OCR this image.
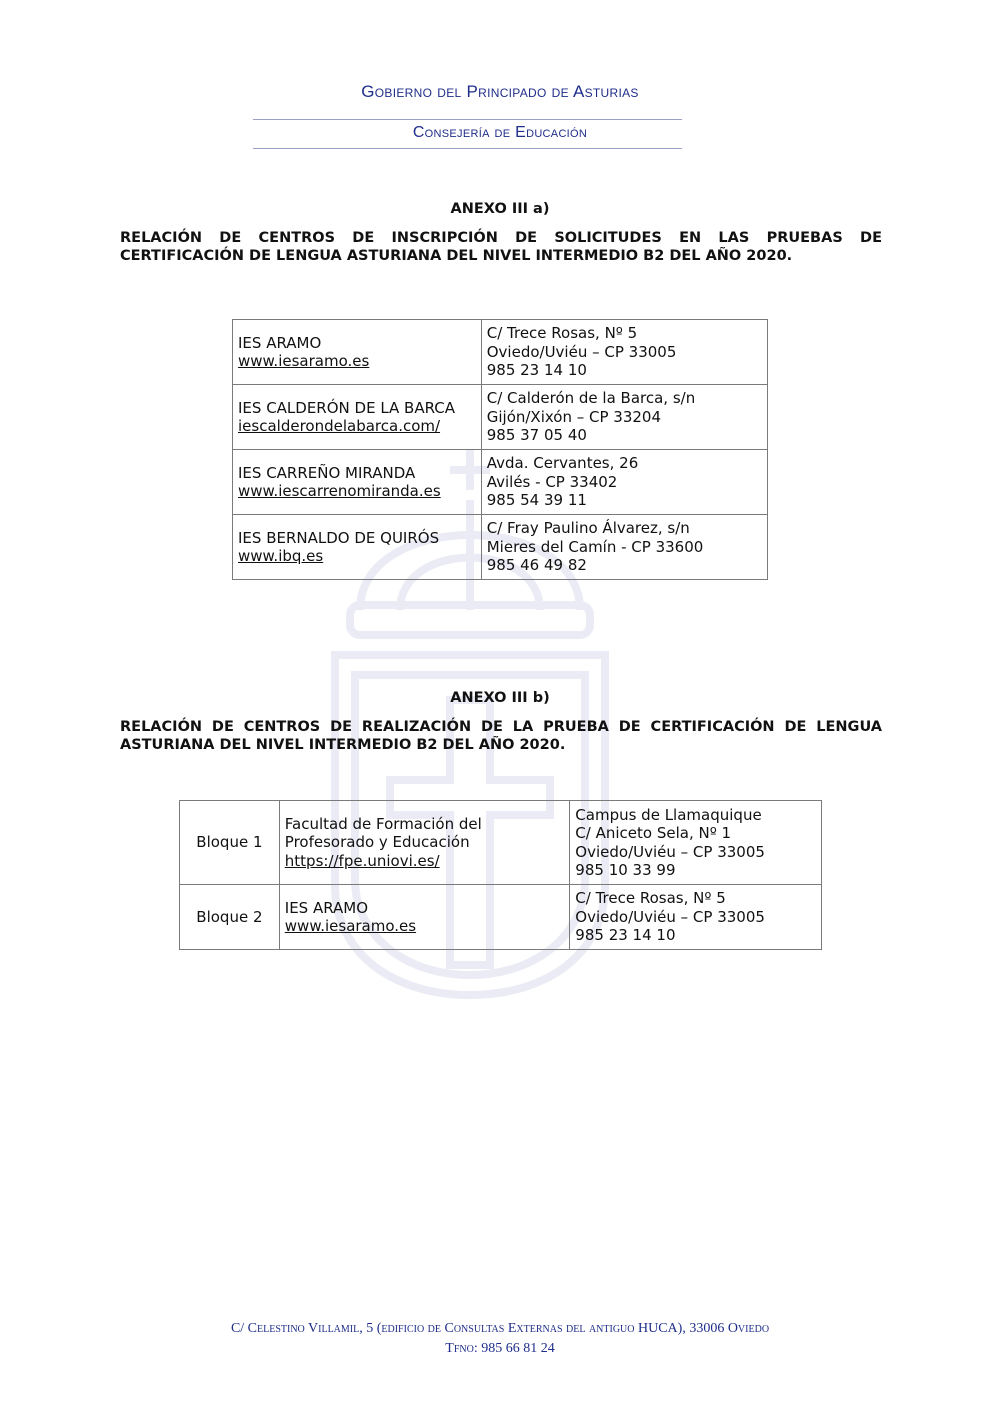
Gobierno del Principado de Asturias
Consejería de Educación
ANEXO III a)
RELACIÓN DE CENTROS DE INSCRIPCIÓN DE SOLICITUDES EN LAS PRUEBAS DE CERTIFICACIÓN DE LENGUA ASTURIANA DEL NIVEL INTERMEDIO B2 DEL AÑO 2020.
IES ARAMO
www.iesaramo.es	C/ Trece Rosas, Nº 5
Oviedo/Uviéu – CP 33005
985 23 14 10

IES CALDERÓN DE LA BARCA
iescalderondelabarca.com/	C/ Calderón de la Barca, s/n
Gijón/Xixón – CP 33204
985 37 05 40

IES CARREÑO MIRANDA
www.iescarrenomiranda.es	Avda. Cervantes, 26
Avilés - CP 33402
985 54 39 11

IES BERNALDO DE QUIRÓS
www.ibq.es	C/ Fray Paulino Álvarez, s/n
Mieres del Camín - CP 33600
985 46 49 82
ANEXO III b)
RELACIÓN DE CENTROS DE REALIZACIÓN DE LA PRUEBA DE CERTIFICACIÓN DE LENGUA ASTURIANA DEL NIVEL INTERMEDIO B2 DEL AÑO 2020.
Bloque 1	Facultad de Formación del
Profesorado y Educación
https://fpe.uniovi.es/	Campus de Llamaquique
C/ Aniceto Sela, Nº 1
Oviedo/Uviéu – CP 33005
985 10 33 99

Bloque 2	IES ARAMO
www.iesaramo.es	C/ Trece Rosas, Nº 5
Oviedo/Uviéu – CP 33005
985 23 14 10
C/ Celestino Villamil, 5 (edificio de Consultas Externas del antiguo HUCA), 33006 Oviedo
Tfno: 985 66 81 24
